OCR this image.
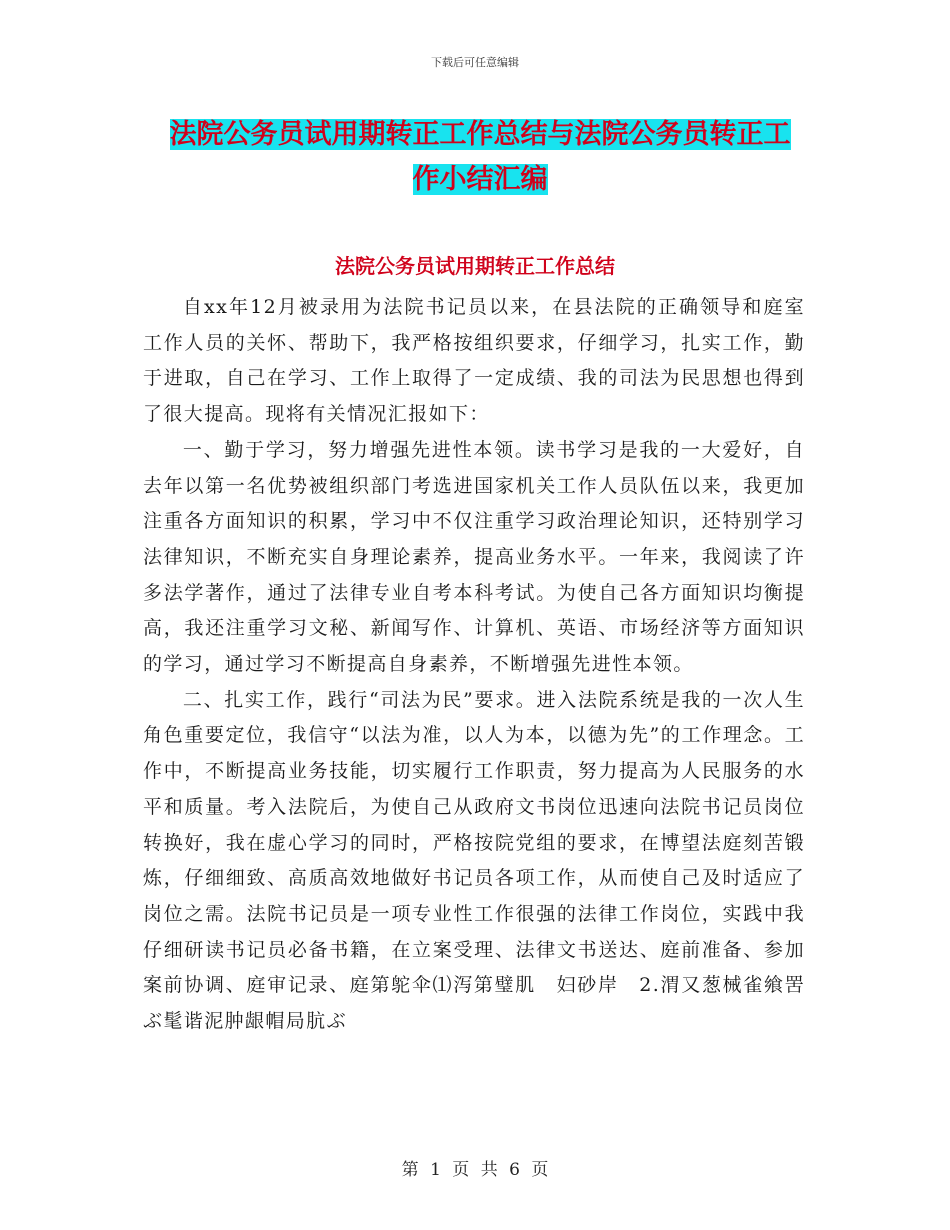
下载后可任意编辑
法院公务员试用期转正工作总结与法院公务员转正工
作小结汇编
法院公务员试用期转正工作总结

自xx年12月被录用为法院书记员以来，在县法院的正确领导和庭室工作人员的关怀、帮助下，我严格按组织要求，仔细学习，扎实工作，勤于进取，自己在学习、工作上取得了一定成绩、我的司法为民思想也得到了很大提高。现将有关情况汇报如下：

一、勤于学习，努力增强先进性本领。读书学习是我的一大爱好，自去年以第一名优势被组织部门考选进国家机关工作人员队伍以来，我更加注重各方面知识的积累，学习中不仅注重学习政治理论知识，还特别学习法律知识，不断充实自身理论素养，提高业务水平。一年来，我阅读了许多法学著作，通过了法律专业自考本科考试。为使自己各方面知识均衡提高，我还注重学习文秘、新闻写作、计算机、英语、市场经济等方面知识的学习，通过学习不断提高自身素养，不断增强先进性本领。

二、扎实工作，践行“司法为民”要求。进入法院系统是我的一次人生角色重要定位，我信守“以法为准，以人为本，以德为先”的工作理念。工作中，不断提高业务技能，切实履行工作职责，努力提高为人民服务的水平和质量。考入法院后，为使自己从政府文书岗位迅速向法院书记员岗位转换好，我在虚心学习的同时，严格按院党组的要求，在博望法庭刻苦锻炼，仔细细致、高质高效地做好书记员各项工作，从而使自己及时适应了岗位之需。法院书记员是一项专业性工作很强的法律工作岗位，实践中我仔细研读书记员必备书籍，在立案受理、法律文书送达、庭前准备、参加案前协调、庭审记录、庭第鸵伞⑴泻第璧肌　妇砂岸　2.渭又葱械雀飨罟ぶ髦谐泥肿龈帽局肮ぶ

第 1 页 共 6 页
